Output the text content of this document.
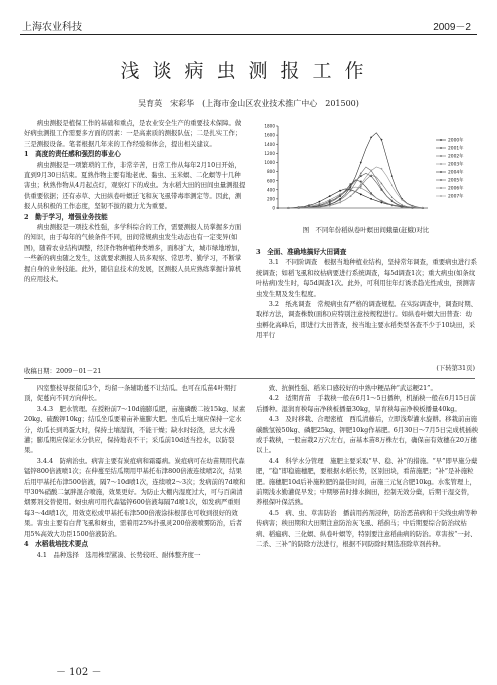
上海农业科技	2009－2
浅谈病虫测报工作
吴育英　宋彩华　(上海市金山区农业技术推广中心　201500)

病虫测报是植保工作的基础和重点，是农业安全生产的重要技术保障。做好病虫测报工作需要多方面的因素：一是高素质的测报队伍；二是扎实工作；三是测报设备。笔者根据几年来的工作经验和体会，提出相关建议。

1　高度的责任感和强烈的事业心

病虫测报是一项繁琐的工作，非常辛苦，日常工作从每年2月10日开始，直到9月30日结束。夏熟作物主要有地老虎、黏虫、玉米螟、二化螟等十几种害虫；秋熟作物从4月起点灯，观察灯下的成虫。为水稻大田的田间虫量测报提供重要依据；还有赤草、大田纵卷叶螟迁飞和灰飞虱带毒率测定等。因此，测报人员积极的工作态度，坚韧不拔的毅力尤为重要。

2　勤于学习，增强业务技能

病虫测报是一项技术性强，多学科综合的工作，需要测报人员掌握多方面的知识，由于每年的气候条件不同，田间常规病虫发生动态也有一定变异(如图)，随着农业结构调整，经济作物种植种类增多，面积扩大，城市绿地增加，一些新的病虫随之发生，这就要求测报人员多观察、常思考、勤学习，不断掌握自身的业务技能。此外，随信息技术的发展，区测报人员应熟练掌握计算机的应用技术。

0
200
400
600
800
1000
1200
1400
1600
1800
2000年
2001年
2002年
2003年
2004年
2005年
2006年
2007年
图　不同年份稻纵卷叶螟田间蛾量(赶蛾)对比
3　全面、准确地搞好大田调查

3.1　不同阶调查　根据当地种植业结构，坚持常年调查，重要病虫进行系统调查；如稻飞虱和纹枯病要进行系统调查，每5d调查1次；重大病虫(如条纹叶枯病)发生时，每5d调查1次。此外，可利用往年灯诱杀趋光性成虫，预测害虫发生期及发生程度。

3.2　纸兆调查　常规病虫有严格的调查规程。在实际调查中，调查时期、取样方法，调查株数(面积)应特别注意按规程进行。如纵卷叶螟大田普查：幼虫孵化高峰后，即进行大田普查，按当地主要水稻类型各查不少于10块田，采用平行

(下转第31页)
收稿日期：2009－01－21

四室整枝导探留瓜3个，均留一条辅助蔓不让结瓜。也可在瓜苗4叶期打顶，促蔓向不同方向伸长。

3.4.3　肥水管理。在授粉前7～10d施膨瓜肥，亩施磷酸二铵15kg、尿素20kg、硫酸钾10kg；结瓜坐瓜要着亩补施膨大肥。坐瓜后土壤应保持一定水分，幼瓜长到鸡蛋大时，保持土壤湿润，不能干燥；缺水时轻浇，忌大水漫灌；膨瓜期应保证水分供应，保持地表不干；采瓜前10d适当控水，以防裂果。

3.4.4　防病治虫。病害主要有炭疽病和霜霉病。炭疽病可在幼苗期用代森锰锌800倍液喷1次；在伸蔓至结瓜期用甲基托布津800倍液连续喷2次，结果后用甲基托布津500倍液，隔7～10d喷1次，连续喷2～3次；发病前的7d喷和甲30%硝酸二氯胖混合喷施，效果更好。为防止大棚内湿度过大，可与百菌清烟雾剂交替使用。蚜虫病可用代森锰锌600倍液每隔7d喷1次，如发病严重则每3～4d喷1次，用效克松或甲基托布津500倍液涂抹根部也可收到很好的效果。害虫主要有白背飞虱和蚜虫，需着用25%扑虱灵200倍液喷雾防治，后者用5%高效大功臣1500倍液防治。

4　水稻栽培技术要点

4.1　品种选择　选用株型紧凑、长势较旺、耐体整齐度一

致、抗倒性强、稻米口感较好的中熟中粳品种“武运粳21”。

4.2　适期育苗　手栽秧一般在6月1～5日播种，机插秧一般在6月15日前后播种。湿润育秧每亩净秧板播量30kg，旱育秧每亩净秧板播量40kg。

4.3　及时移栽、合理密植　西瓜清藤后，立即浅犁灌水旋耕。移栽前亩施碳酸氢铵50kg、磷肥25kg、钾肥10kg作基肥。6月30日～7月5日完成机插秧或手栽秧，一般亩栽2万穴左右，亩基本苗8万株左右，确保亩有效穗在20万穗以上。

4.4　科学水分管理　施肥主要采取“早、稳、补”的措施。“早”即早施分蘖肥，“稳”即稳施穗肥，要根据水稻长势，区别田块，看苗施肥；“补”是补施粒肥。施穗肥10d后补施粒肥的最佳时间，亩施三元复合肥10kg。水浆管理上，前期浅水勤灌促早发；中期够苗时排水搁田，控制无效分蘖，后期干湿交替，养根保叶保活熟。

4.5　病、虫、草害防治　播前用药剂浸种，防治恶苗病和干尖线虫病等种传病害；秧田期和大田期注意防治灰飞虱、稻蓟马；中后期要综合防治纹枯病、稻瘟病、三化螟、纵卷叶螟等，特别要注意稻曲病的防治。草害按“一封、二杀、三补”的防除方法进行，根据不同防除时期选准除草剂药种。

－ 102 －
